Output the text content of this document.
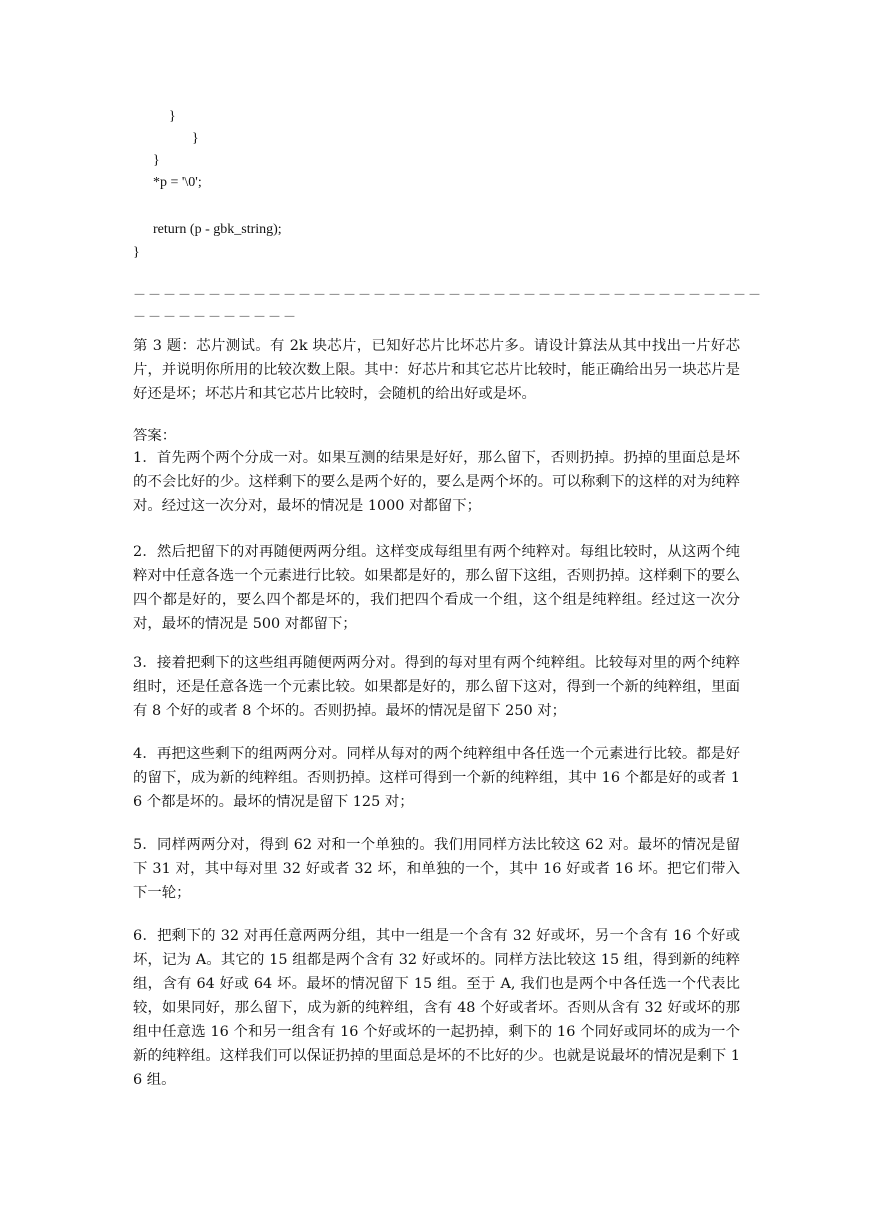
}
}
}
*p = '\0';
return (p - gbk_string);
}
－－－－－－－－－－－－－－－－－－－－－－－－－－－－－－－－－－－－－－－－－－
－－－－－－－－－－－
第 3 题：芯片测试。有 2k 块芯片，已知好芯片比坏芯片多。请设计算法从其中找出一片好芯片，并说明你所用的比较次数上限。其中：好芯片和其它芯片比较时，能正确给出另一块芯片是好还是坏；坏芯片和其它芯片比较时，会随机的给出好或是坏。
答案：
1．首先两个两个分成一对。如果互测的结果是好好，那么留下，否则扔掉。扔掉的里面总是坏的不会比好的少。这样剩下的要么是两个好的，要么是两个坏的。可以称剩下的这样的对为纯粹对。经过这一次分对，最坏的情况是 1000 对都留下；
2．然后把留下的对再随便两两分组。这样变成每组里有两个纯粹对。每组比较时，从这两个纯粹对中任意各选一个元素进行比较。如果都是好的，那么留下这组，否则扔掉。这样剩下的要么四个都是好的，要么四个都是坏的，我们把四个看成一个组，这个组是纯粹组。经过这一次分对，最坏的情况是 500 对都留下；
3．接着把剩下的这些组再随便两两分对。得到的每对里有两个纯粹组。比较每对里的两个纯粹组时，还是任意各选一个元素比较。如果都是好的，那么留下这对，得到一个新的纯粹组，里面有 8 个好的或者 8 个坏的。否则扔掉。最坏的情况是留下 250 对；
4．再把这些剩下的组两两分对。同样从每对的两个纯粹组中各任选一个元素进行比较。都是好的留下，成为新的纯粹组。否则扔掉。这样可得到一个新的纯粹组，其中 16 个都是好的或者 16 个都是坏的。最坏的情况是留下 125 对；
5．同样两两分对，得到 62 对和一个单独的。我们用同样方法比较这 62 对。最坏的情况是留下 31 对，其中每对里 32 好或者 32 坏，和单独的一个，其中 16 好或者 16 坏。把它们带入下一轮；
6．把剩下的 32 对再任意两两分组，其中一组是一个含有 32 好或坏，另一个含有 16 个好或坏，记为 A。其它的 15 组都是两个含有 32 好或坏的。同样方法比较这 15 组，得到新的纯粹组，含有 64 好或 64 坏。最坏的情况留下 15 组。至于 A, 我们也是两个中各任选一个代表比较，如果同好，那么留下，成为新的纯粹组，含有 48 个好或者坏。否则从含有 32 好或坏的那组中任意选 16 个和另一组含有 16 个好或坏的一起扔掉，剩下的 16 个同好或同坏的成为一个新的纯粹组。这样我们可以保证扔掉的里面总是坏的不比好的少。也就是说最坏的情况是剩下 16 组。
